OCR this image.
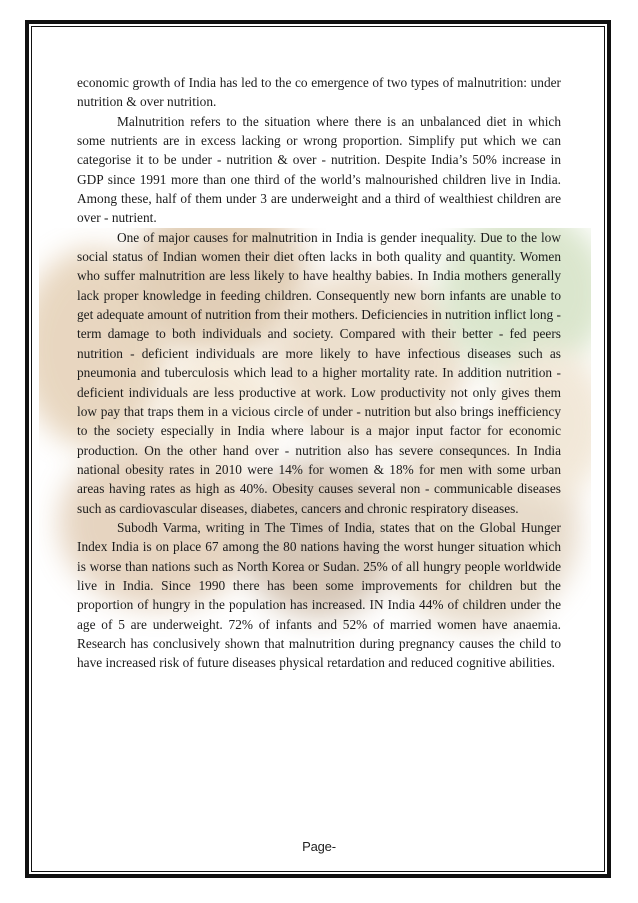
economic growth of India has led to the co emergence of two types of malnutrition: under nutrition & over nutrition.

Malnutrition refers to the situation where there is an unbalanced diet in which some nutrients are in excess lacking or wrong proportion. Simplify put which we can categorise it to be under - nutrition & over - nutrition. Despite India’s 50% increase in GDP since 1991 more than one third of the world’s malnourished children live in India. Among these, half of them under 3 are underweight and a third of wealthiest children are over - nutrient.

One of major causes for malnutrition in India is gender inequality. Due to the low social status of Indian women their diet often lacks in both quality and quantity. Women who suffer malnutrition are less likely to have healthy babies. In India mothers generally lack proper knowledge in feeding children. Consequently new born infants are unable to get adequate amount of nutrition from their mothers. Deficiencies in nutrition inflict long - term damage to both individuals and society. Compared with their better - fed peers nutrition - deficient individuals are more likely to have infectious diseases such as pneumonia and tuberculosis which lead to a higher mortality rate. In addition nutrition - deficient individuals are less productive at work. Low productivity not only gives them low pay that traps them in a vicious circle of under - nutrition but also brings inefficiency to the society especially in India where labour is a major input factor for economic production. On the other hand over - nutrition also has severe consequnces. In India national obesity rates in 2010 were 14% for women & 18% for men with some urban areas having rates as high as 40%. Obesity causes several non - communicable diseases such as cardiovascular diseases, diabetes, cancers and chronic respiratory diseases.

Subodh Varma, writing in The Times of India, states that on the Global Hunger Index India is on place 67 among the 80 nations having the worst hunger situation which is worse than nations such as North Korea or Sudan. 25% of all hungry people worldwide live in India. Since 1990 there has been some improvements for children but the proportion of hungry in the population has increased. IN India 44% of children under the age of 5 are underweight. 72% of infants and 52% of married women have anaemia. Research has conclusively shown that malnutrition during pregnancy causes the child to have increased risk of future diseases physical retardation and reduced cognitive abilities.

Page-
